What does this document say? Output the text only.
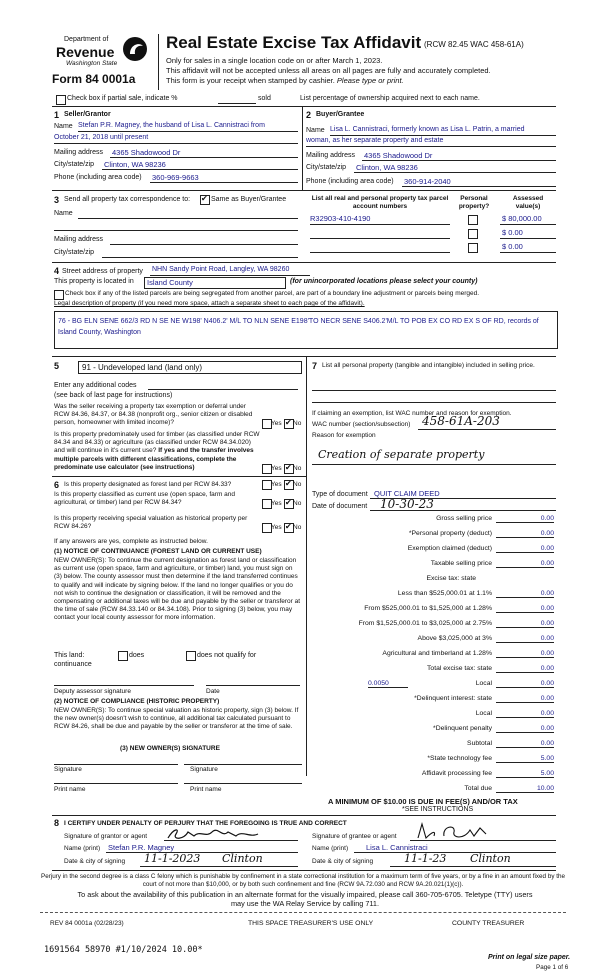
Department of
Revenue
Washington State
Form 84 0001a
Real Estate Excise Tax Affidavit (RCW 82.45 WAC 458-61A)
Only for sales in a single location code on or after March 1, 2023.
This affidavit will not be accepted unless all areas on all pages are fully and accurately completed.
This form is your receipt when stamped by cashier. Please type or print.
Check box if partial sale, indicate %	sold	List percentage of ownership acquired next to each name.
1 Seller/Grantor
Name Stefan P.R. Magney, the husband of Lisa L. Cannistraci from
October 21, 2018 until present
Mailing address 4365 Shadowood Dr
City/state/zip Clinton, WA 98236
Phone (including area code) 360-969-9663
2 Buyer/Grantee
Name Lisa L. Cannistraci, formerly known as Lisa L. Patrin, a married
woman, as her separate property and estate
Mailing address 4365 Shadowood Dr
City/state/zip Clinton, WA 98236
Phone (including area code) 360-914-2040
3 Send all property tax correspondence to: ✔ Same as Buyer/Grantee
Name
Mailing address
City/state/zip
List all real and personal property tax parcel account numbers
Personal property?
Assessed value(s)
R32903-410-4190	$ 80,000.00
$ 0.00
$ 0.00
4 Street address of property NHN Sandy Point Road, Langley, WA 98260
This property is located in Island County	(for unincorporated locations please select your county)
Check box if any of the listed parcels are being segregated from another parcel, are part of a boundary line adjustment or parcels being merged.
Legal description of property (if you need more space, attach a separate sheet to each page of the affidavit).
76 - BG ELN SENE 662/3 RD N SE NE W198' N406.2' M/L TO NLN SENE E198'TO NECR SENE S406.2'M/L TO POB EX CO RD EX S OF RD, records of Island County, Washington
5	91 - Undeveloped land (land only)
Enter any additional codes
(see back of last page for instructions)
Was the seller receiving a property tax exemption or deferral under RCW 84.36, 84.37, or 84.38 (nonprofit org., senior citizen or disabled person, homeowner with limited income)?	Yes ✔ No
Is this property predominately used for timber (as classified under RCW 84.34 and 84.33) or agriculture (as classified under RCW 84.34.020) and will continue in it's current use? If yes and the transfer involves multiple parcels with different classifications, complete the predominate use calculator (see instructions)	Yes ✔ No
6 Is this property designated as forest land per RCW 84.33?	Yes ✔ No
Is this property classified as current use (open space, farm and agricultural, or timber) land per RCW 84.34?	Yes ✔ No
Is this property receiving special valuation as historical property per RCW 84.26?	Yes ✔ No
If any answers are yes, complete as instructed below.
(1) NOTICE OF CONTINUANCE (FOREST LAND OR CURRENT USE)
NEW OWNER(S): To continue the current designation as forest land or classification as current use (open space, farm and agriculture, or timber) land, you must sign on (3) below. The county assessor must then determine if the land transferred continues to qualify and will indicate by signing below. If the land no longer qualifies or you do not wish to continue the designation or classification, it will be removed and the compensating or additional taxes will be due and payable by the seller or transferor at the time of sale (RCW 84.33.140 or 84.34.108). Prior to signing (3) below, you may contact your local county assessor for more information.
This land:	does	does not qualify for
continuance
Deputy assessor signature	Date
(2) NOTICE OF COMPLIANCE (HISTORIC PROPERTY)
NEW OWNER(S): To continue special valuation as historic property, sign (3) below. If the new owner(s) doesn't wish to continue, all additional tax calculated pursuant to RCW 84.26, shall be due and payable by the seller or transferor at the time of sale.
(3) NEW OWNER(S) SIGNATURE
Signature	Signature
Print name	Print name
7 List all personal property (tangible and intangible) included in selling price.
If claiming an exemption, list WAC number and reason for exemption.
WAC number (section/subsection) 458-61A-203
Reason for exemption
Creation of separate property
Type of document QUIT CLAIM DEED
Date of document 10-30-23
Gross selling price	0.00
*Personal property (deduct)	0.00
Exemption claimed (deduct)	0.00
Taxable selling price	0.00
Excise tax: state
Less than $525,000.01 at 1.1%	0.00
From $525,000.01 to $1,525,000 at 1.28%	0.00
From $1,525,000.01 to $3,025,000 at 2.75%	0.00
Above $3,025,000 at 3%	0.00
Agricultural and timberland at 1.28%	0.00
Total excise tax: state	0.00
0.0050	Local	0.00
*Delinquent interest: state	0.00
Local	0.00
*Delinquent penalty	0.00
Subtotal	0.00
*State technology fee	5.00
Affidavit processing fee	5.00
Total due	10.00
A MINIMUM OF $10.00 IS DUE IN FEE(S) AND/OR TAX
*SEE INSTRUCTIONS
8 I CERTIFY UNDER PENALTY OF PERJURY THAT THE FOREGOING IS TRUE AND CORRECT
Signature of grantor or agent	Signature of grantee or agent
Name (print) Stefan P.R. Magney	Name (print) Lisa L. Cannistraci
Date & city of signing 11-1-2023 Clinton	Date & city of signing	11-1-23 Clinton
Perjury in the second degree is a class C felony which is punishable by confinement in a state correctional institution for a maximum term of five years, or by a fine in an amount fixed by the court of not more than $10,000, or by both such confinement and fine (RCW 9A.72.030 and RCW 9A.20.021(1)(c)).
To ask about the availability of this publication in an alternate format for the visually impaired, please call 360-705-6705. Teletype (TTY) users may use the WA Relay Service by calling 711.
REV 84 0001a (02/28/23)	THIS SPACE TREASURER'S USE ONLY	COUNTY TREASURER
1691564 58970 #1/10/2024 10.00*
Print on legal size paper.
Page 1 of 6
